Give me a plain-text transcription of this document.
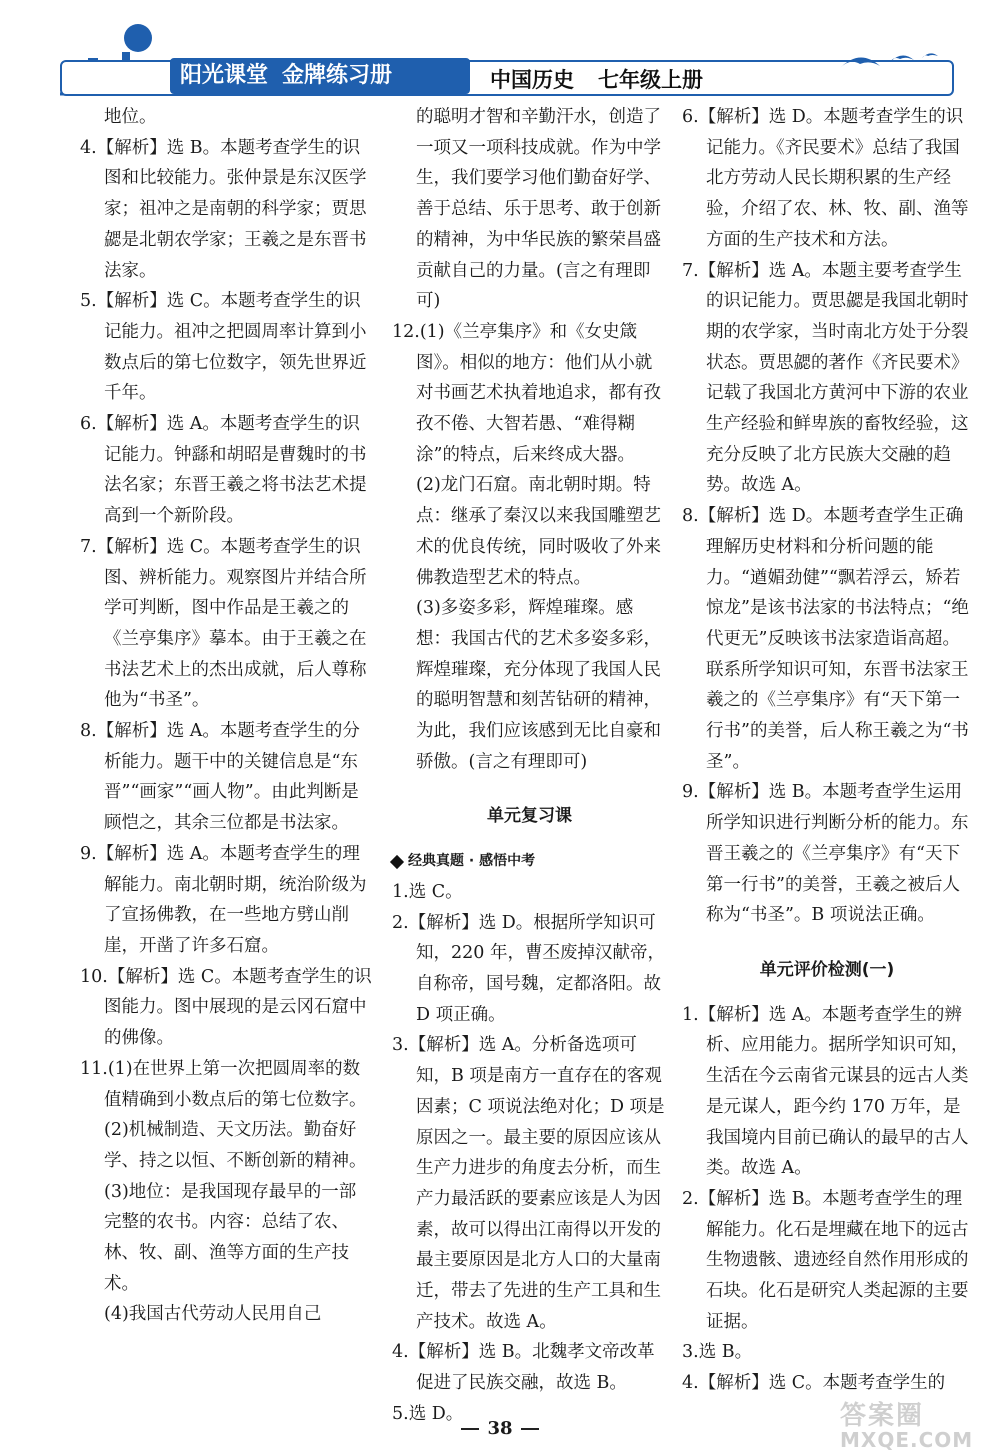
阳光课堂 金牌练习册	中国历史 七年级上册

地位。

4.【解析】选 B。本题考查学生的识图和比较能力。张仲景是东汉医学家；祖冲之是南朝的科学家；贾思勰是北朝农学家；王羲之是东晋书法家。

5.【解析】选 C。本题考查学生的识记能力。祖冲之把圆周率计算到小数点后的第七位数字，领先世界近千年。

6.【解析】选 A。本题考查学生的识记能力。钟繇和胡昭是曹魏时的书法名家；东晋王羲之将书法艺术提高到一个新阶段。

7.【解析】选 C。本题考查学生的识图、辨析能力。观察图片并结合所学可判断，图中作品是王羲之的《兰亭集序》摹本。由于王羲之在书法艺术上的杰出成就，后人尊称他为“书圣”。

8.【解析】选 A。本题考查学生的分析能力。题干中的关键信息是“东晋”“画家”“画人物”。由此判断是顾恺之，其余三位都是书法家。

9.【解析】选 A。本题考查学生的理解能力。南北朝时期，统治阶级为了宣扬佛教，在一些地方劈山削崖，开凿了许多石窟。

10.【解析】选 C。本题考查学生的识图能力。图中展现的是云冈石窟中的佛像。

11.(1)在世界上第一次把圆周率的数值精确到小数点后的第七位数字。

(2)机械制造、天文历法。勤奋好学、持之以恒、不断创新的精神。

(3)地位：是我国现存最早的一部完整的农书。内容：总结了农、林、牧、副、渔等方面的生产技术。

(4)我国古代劳动人民用自己

的聪明才智和辛勤汗水，创造了一项又一项科技成就。作为中学生，我们要学习他们勤奋好学、善于总结、乐于思考、敢于创新的精神，为中华民族的繁荣昌盛贡献自己的力量。(言之有理即可)

12.(1)《兰亭集序》和《女史箴图》。相似的地方：他们从小就对书画艺术执着地追求，都有孜孜不倦、大智若愚、“难得糊涂”的特点，后来终成大器。

(2)龙门石窟。南北朝时期。特点：继承了秦汉以来我国雕塑艺术的优良传统，同时吸收了外来佛教造型艺术的特点。

(3)多姿多彩，辉煌璀璨。感想：我国古代的艺术多姿多彩，辉煌璀璨，充分体现了我国人民的聪明智慧和刻苦钻研的精神，为此，我们应该感到无比自豪和骄傲。(言之有理即可)

单元复习课
经典真题 · 感悟中考

1.选 C。

2.【解析】选 D。根据所学知识可知，220 年，曹丕废掉汉献帝，自称帝，国号魏，定都洛阳。故 D 项正确。

3.【解析】选 A。分析备选项可知，B 项是南方一直存在的客观因素；C 项说法绝对化；D 项是原因之一。最主要的原因应该从生产力进步的角度去分析，而生产力最活跃的要素应该是人为因素，故可以得出江南得以开发的最主要原因是北方人口的大量南迁，带去了先进的生产工具和生产技术。故选 A。

4.【解析】选 B。北魏孝文帝改革促进了民族交融，故选 B。

5.选 D。

6.【解析】选 D。本题考查学生的识记能力。《齐民要术》总结了我国北方劳动人民长期积累的生产经验，介绍了农、林、牧、副、渔等方面的生产技术和方法。

7.【解析】选 A。本题主要考查学生的识记能力。贾思勰是我国北朝时期的农学家，当时南北方处于分裂状态。贾思勰的著作《齐民要术》记载了我国北方黄河中下游的农业生产经验和鲜卑族的畜牧经验，这充分反映了北方民族大交融的趋势。故选 A。

8.【解析】选 D。本题考查学生正确理解历史材料和分析问题的能力。“遒媚劲健”“飘若浮云，矫若惊龙”是该书法家的书法特点；“绝代更无”反映该书法家造诣高超。联系所学知识可知，东晋书法家王羲之的《兰亭集序》有“天下第一行书”的美誉，后人称王羲之为“书圣”。

9.【解析】选 B。本题考查学生运用所学知识进行判断分析的能力。东晋王羲之的《兰亭集序》有“天下第一行书”的美誉，王羲之被后人称为“书圣”。B 项说法正确。

单元评价检测(一)

1.【解析】选 A。本题考查学生的辨析、应用能力。据所学知识可知，生活在今云南省元谋县的远古人类是元谋人，距今约 170 万年，是我国境内目前已确认的最早的古人类。故选 A。

2.【解析】选 B。本题考查学生的理解能力。化石是埋藏在地下的远古生物遗骸、遗迹经自然作用形成的石块。化石是研究人类起源的主要证据。

3.选 B。

4.【解析】选 C。本题考查学生的

38	答案圈
MXQE.COM
